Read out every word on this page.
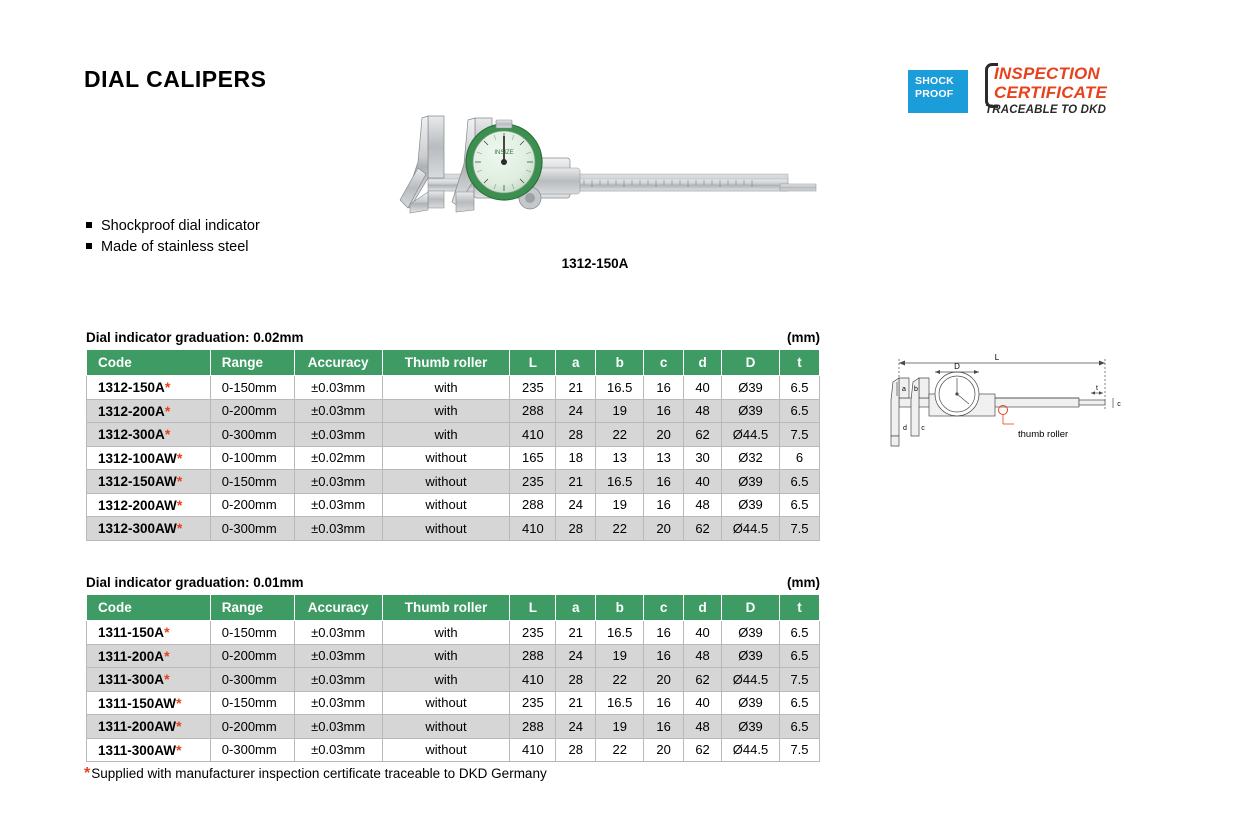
DIAL CALIPERS
Shockproof dial indicator
Made of stainless steel
SHOCK
PROOF
INSPECTION
CERTIFICATE
TRACEABLE TO DKD
INSIZE
1312-150A
Dial indicator graduation: 0.02mm	(mm)
Code	Range	Accuracy	Thumb roller	L	a	b	c	d	D	t
1312-150A*	0-150mm	±0.03mm	with	235	21	16.5	16	40	Ø39	6.5
1312-200A*	0-200mm	±0.03mm	with	288	24	19	16	48	Ø39	6.5
1312-300A*	0-300mm	±0.03mm	with	410	28	22	20	62	Ø44.5	7.5
1312-100AW*	0-100mm	±0.02mm	without	165	18	13	13	30	Ø32	6
1312-150AW*	0-150mm	±0.03mm	without	235	21	16.5	16	40	Ø39	6.5
1312-200AW*	0-200mm	±0.03mm	without	288	24	19	16	48	Ø39	6.5
1312-300AW*	0-300mm	±0.03mm	without	410	28	22	20	62	Ø44.5	7.5
Dial indicator graduation: 0.01mm	(mm)
Code	Range	Accuracy	Thumb roller	L	a	b	c	d	D	t
1311-150A*	0-150mm	±0.03mm	with	235	21	16.5	16	40	Ø39	6.5
1311-200A*	0-200mm	±0.03mm	with	288	24	19	16	48	Ø39	6.5
1311-300A*	0-300mm	±0.03mm	with	410	28	22	20	62	Ø44.5	7.5
1311-150AW*	0-150mm	±0.03mm	without	235	21	16.5	16	40	Ø39	6.5
1311-200AW*	0-200mm	±0.03mm	without	288	24	19	16	48	Ø39	6.5
1311-300AW*	0-300mm	±0.03mm	without	410	28	22	20	62	Ø44.5	7.5
* Supplied with manufacturer inspection certificate traceable to DKD Germany
L
D
a b
d c
t
c
thumb roller
